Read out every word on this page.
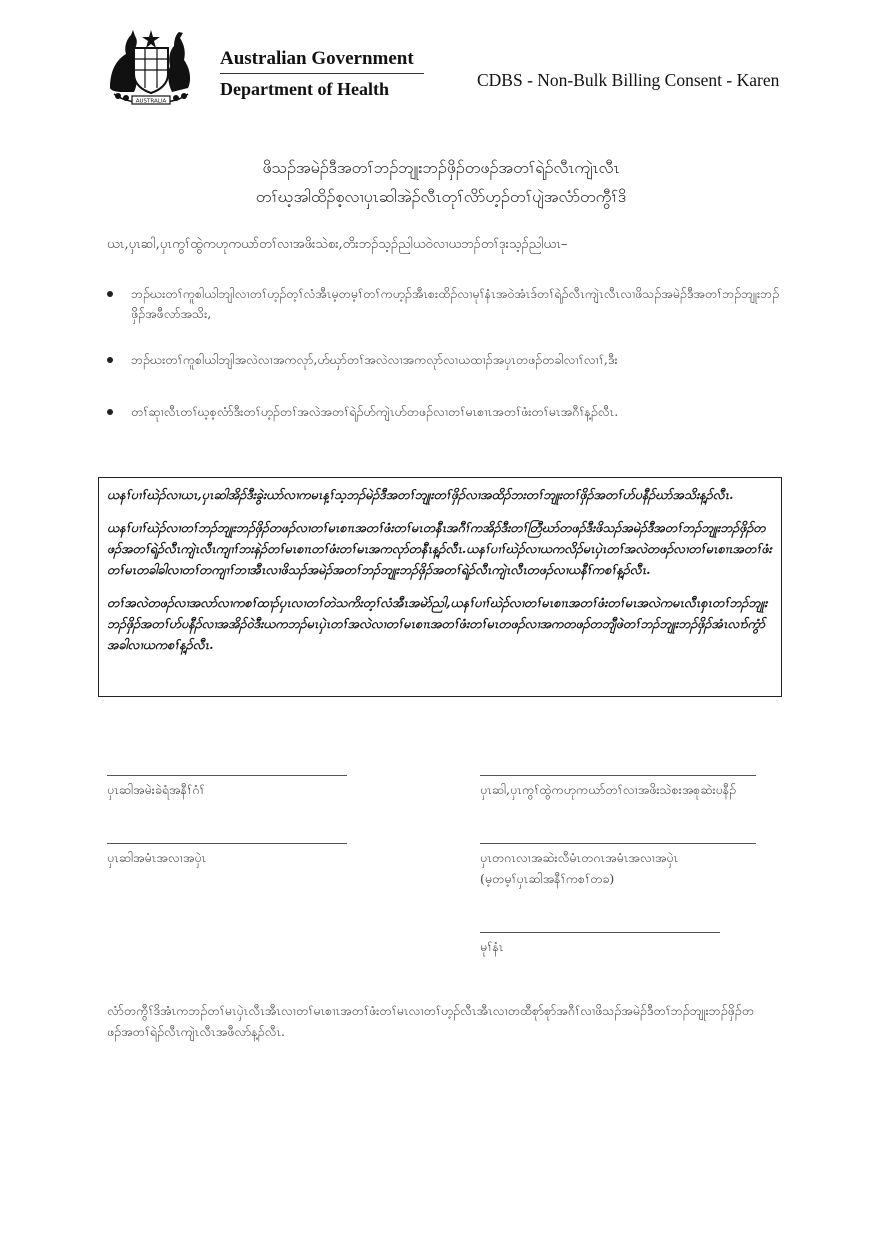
AUSTRALIA
Australian Government
Department of Health	CDBS - Non-Bulk Billing Consent - Karen
ဖိသၣ်အမဲၣ်ဒီအတၢ်ဘၣ်ဘျုးဘၣ်ဖှိၣ်တဖၣ်အတၢ်ရဲၣ်လီၤကျဲၤလီၤ
တၢ်ဃ့အါထိၣ်စ့လၢပှၤဆါအဲၣ်လီၤတုၢ်လိာ်ဟ့ၣ်တၢ်ပျဲအလံာ်တကွီၢ်ဒိ
ယၤ,ပှၤဆါ,ပှၤကွၢ်ထွဲကဟုကယာ်တၢ်လၢအဖိးသဲစး,တိးဘၣ်သ့ၣ်ညါယဝဲလၢယဘၣ်တၢ်ဒုးသ့ၣ်ညါယၤ–
ဘၣ်ဃးတၢ်ကူစါယါဘျါလၢတၢ်ဟ့ၣ်တ့ၢ်လံအီၤမ့တမ့ၢ်တၢ်ကဟ့ၣ်အီၤစးထိၣ်လၢမုၢ်နံၤအဝဲအံၤဒ်တၢ်ရဲၣ်လီၤကျဲၤလီၤလၢဖိသၣ်အမဲၣ်ဒီအတၢ်ဘၣ်ဘျုးဘၣ်ဖှိၣ်အဖီလာ်အသိး,
ဘၣ်ဃးတၢ်ကူစါယါဘျါအလဲလၢအကလုာ်,ဟ်ဃှာ်တၢ်အလဲလၢအကလုာ်လၢယထၢၣ်အပှၤတဖၣ်တခါလၢၢ်လၢၢ်,ဒီး
တၢ်ဆုၢလီၤတၢ်ဃ့စ့လံာ်ဒီးတၢ်ဟ့ၣ်တၢ်အလဲအတၢ်ရဲၣ်ဟ်ကျဲၤဟ်တဖၣ်လၢတၢ်မၤစၢၤအတၢ်ဖံးတၢ်မၤအဂီၢ်န့ၣ်လီၤ.

ယနၢ်ပၢၢ်ဃဲၣ်လၢယၤ,ပှၤဆါအိၣ်ဒီးခွဲးယာ်လၢကမၤန့ၢ်သ့ဘၣ်မဲၣ်ဒီအတၢ်ဘျုးတၢ်ဖှိၣ်လၢအထိၣ်ဘးတၢ်ဘျုးတၢ်ဖှိၣ်အတၢ်ဟ်ပနီၣ်ဃာ်အသိးန့ၣ်လီၤ.

ယနၢ်ပၢၢ်ဃဲၣ်လၢတၢ်ဘၣ်ဘျုးဘၣ်ဖှိၣ်တဖၣ်လၢတၢ်မၤစၢၤအတၢ်ဖံးတၢ်မၤတနီၤအဂီၢ်ကအိၣ်ဒီးတၢ်တြီဃာ်တဖၣ်ဒီးဖိသၣ်အမဲၣ်ဒီအတၢ်ဘၣ်ဘျုးဘၣ်ဖှိၣ်တဖၣ်အတၢ်ရဲၣ်လီၤကျဲၤလီၤကျၢၢ်ဘးနဲၣ်တၢ်မၤစၢၤတၢ်ဖံးတၢ်မၤအကလုာ်တနီၤန့ၣ်လီၤ.ယနၢ်ပၢၢ်ဃဲၣ်လၢယကလိၣ်မၤပှဲၤတၢ်အလဲတဖၣ်လၢတၢ်မၤစၢၤအတၢ်ဖံးတၢ်မၤတခါခါလၢတၢ်တကျၢၢ်ဘၢအီၤလၢဖိသၣ်အမဲၣ်အတၢ်ဘၣ်ဘျုးဘၣ်ဖှိၣ်အတၢ်ရဲၣ်လီၤကျဲၤလီၤတဖၣ်လၢယနီၢ်ကစၢ်န့ၣ်လီၤ.

တၢ်အလဲတဖၣ်လၢအလာ်လၢကစၢ်ထၢၣ်ပှၤလၢတၢ်တဲသကိးတ့ၢ်လံအီၤအမဲာ်ညါ,ယနၢ်ပၢၢ်ဃဲၣ်လၢတၢ်မၤစၢၤအတၢ်ဖံးတၢ်မၤအလဲကမၤလီၤစှၤတၢ်ဘၣ်ဘျုးဘၣ်ဖှိၣ်အတၢ်ဟ်ပနီၣ်လၢအအိၣ်ဝဲဒီးယကဘၣ်မၤပှဲၤတၢ်အလဲလၢတၢ်မၤစၢၤအတၢ်ဖံးတၢ်မၤတဖၣ်လၢအကတဖၣ်တဘျီဖဲတၢ်ဘၣ်ဘျုးဘၣ်ဖှိၣ်အံၤလၢာ်ကွံာ်အခါလၢယကစၢ်န့ၣ်လီၤ.

ပှၤဆါအမဲးခဲရံအနီၢ်ဂံၢ်
ပှၤဆါအမံၤအလၢအပှဲၤ
ပှၤဆါ,ပှၤကွၢ်ထွဲကဟုကယာ်တၢ်လၢအဖိးသဲစးအစုဆဲးပနီၣ်
ပှၤတဂၤလၢအဆဲးလီမံၤတဂၤအမံၤအလၢအပှဲၤ
(မ့တမ့ၢ်ပှၤဆါအနီၢ်ကစၢ်တခ)
မုၢ်နံၤ
လံာ်တကွီၢ်ဒိအံၤကဘၣ်တၢ်မၤပှဲၤလီၤအီၤလၢတၢ်မၤစၢၤအတၢ်ဖံးတၢ်မၤလၢတၢ်ဟ့ၣ်လီၤအီၤလၢတထီစုာ်စုာ်အဂီၢ်လၢဖိသၣ်အမဲၣ်ဒီတၢ်ဘၣ်ဘျုးဘၣ်ဖှိၣ်တဖၣ်အတၢ်ရဲၣ်လီၤကျဲၤလီၤအဖီလာ်န့ၣ်လီၤ.
